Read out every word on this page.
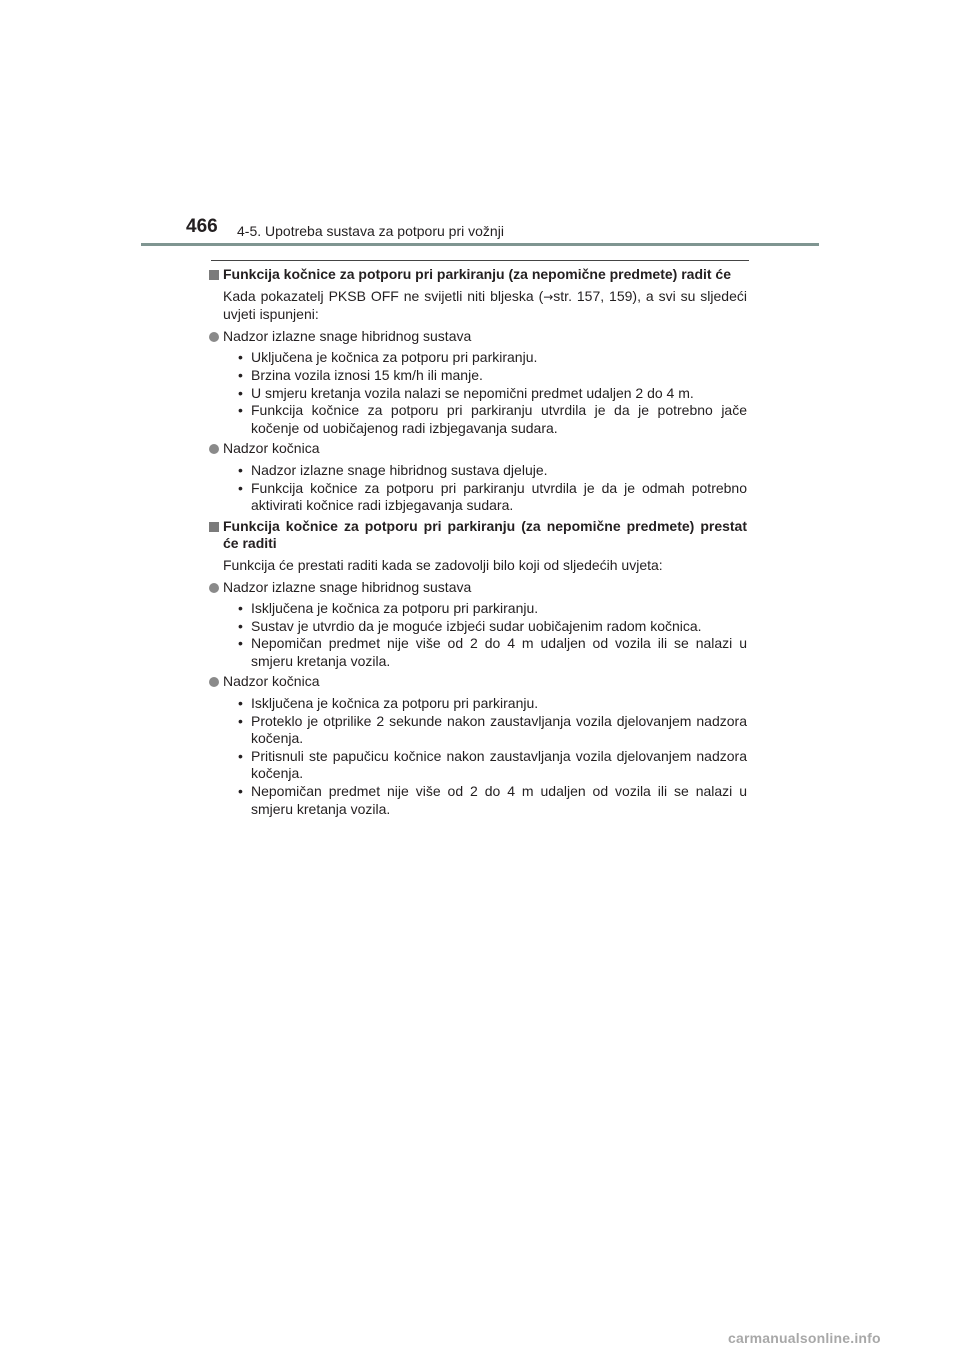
466 4-5. Upotreba sustava za potporu pri vožnji
Funkcija kočnice za potporu pri parkiranju (za nepomične predmete) radit će
Kada pokazatelj PKSB OFF ne svijetli niti bljeska (→str. 157, 159), a svi su sljedeći uvjeti ispunjeni:
Nadzor izlazne snage hibridnog sustava
• Uključena je kočnica za potporu pri parkiranju.
• Brzina vozila iznosi 15 km/h ili manje.
• U smjeru kretanja vozila nalazi se nepomični predmet udaljen 2 do 4 m.
• Funkcija kočnice za potporu pri parkiranju utvrdila je da je potrebno jače kočenje od uobičajenog radi izbjegavanja sudara.
Nadzor kočnica
• Nadzor izlazne snage hibridnog sustava djeluje.
• Funkcija kočnice za potporu pri parkiranju utvrdila je da je odmah potrebno aktivirati kočnice radi izbjegavanja sudara.
Funkcija kočnice za potporu pri parkiranju (za nepomične predmete) prestat će raditi
Funkcija će prestati raditi kada se zadovolji bilo koji od sljedećih uvjeta:
Nadzor izlazne snage hibridnog sustava
• Isključena je kočnica za potporu pri parkiranju.
• Sustav je utvrdio da je moguće izbjeći sudar uobičajenim radom kočnica.
• Nepomičan predmet nije više od 2 do 4 m udaljen od vozila ili se nalazi u smjeru kretanja vozila.
Nadzor kočnica
• Isključena je kočnica za potporu pri parkiranju.
• Proteklo je otprilike 2 sekunde nakon zaustavljanja vozila djelovanjem nadzora kočenja.
• Pritisnuli ste papučicu kočnice nakon zaustavljanja vozila djelovanjem nadzora kočenja.
• Nepomičan predmet nije više od 2 do 4 m udaljen od vozila ili se nalazi u smjeru kretanja vozila.
carmanualsonline.info
